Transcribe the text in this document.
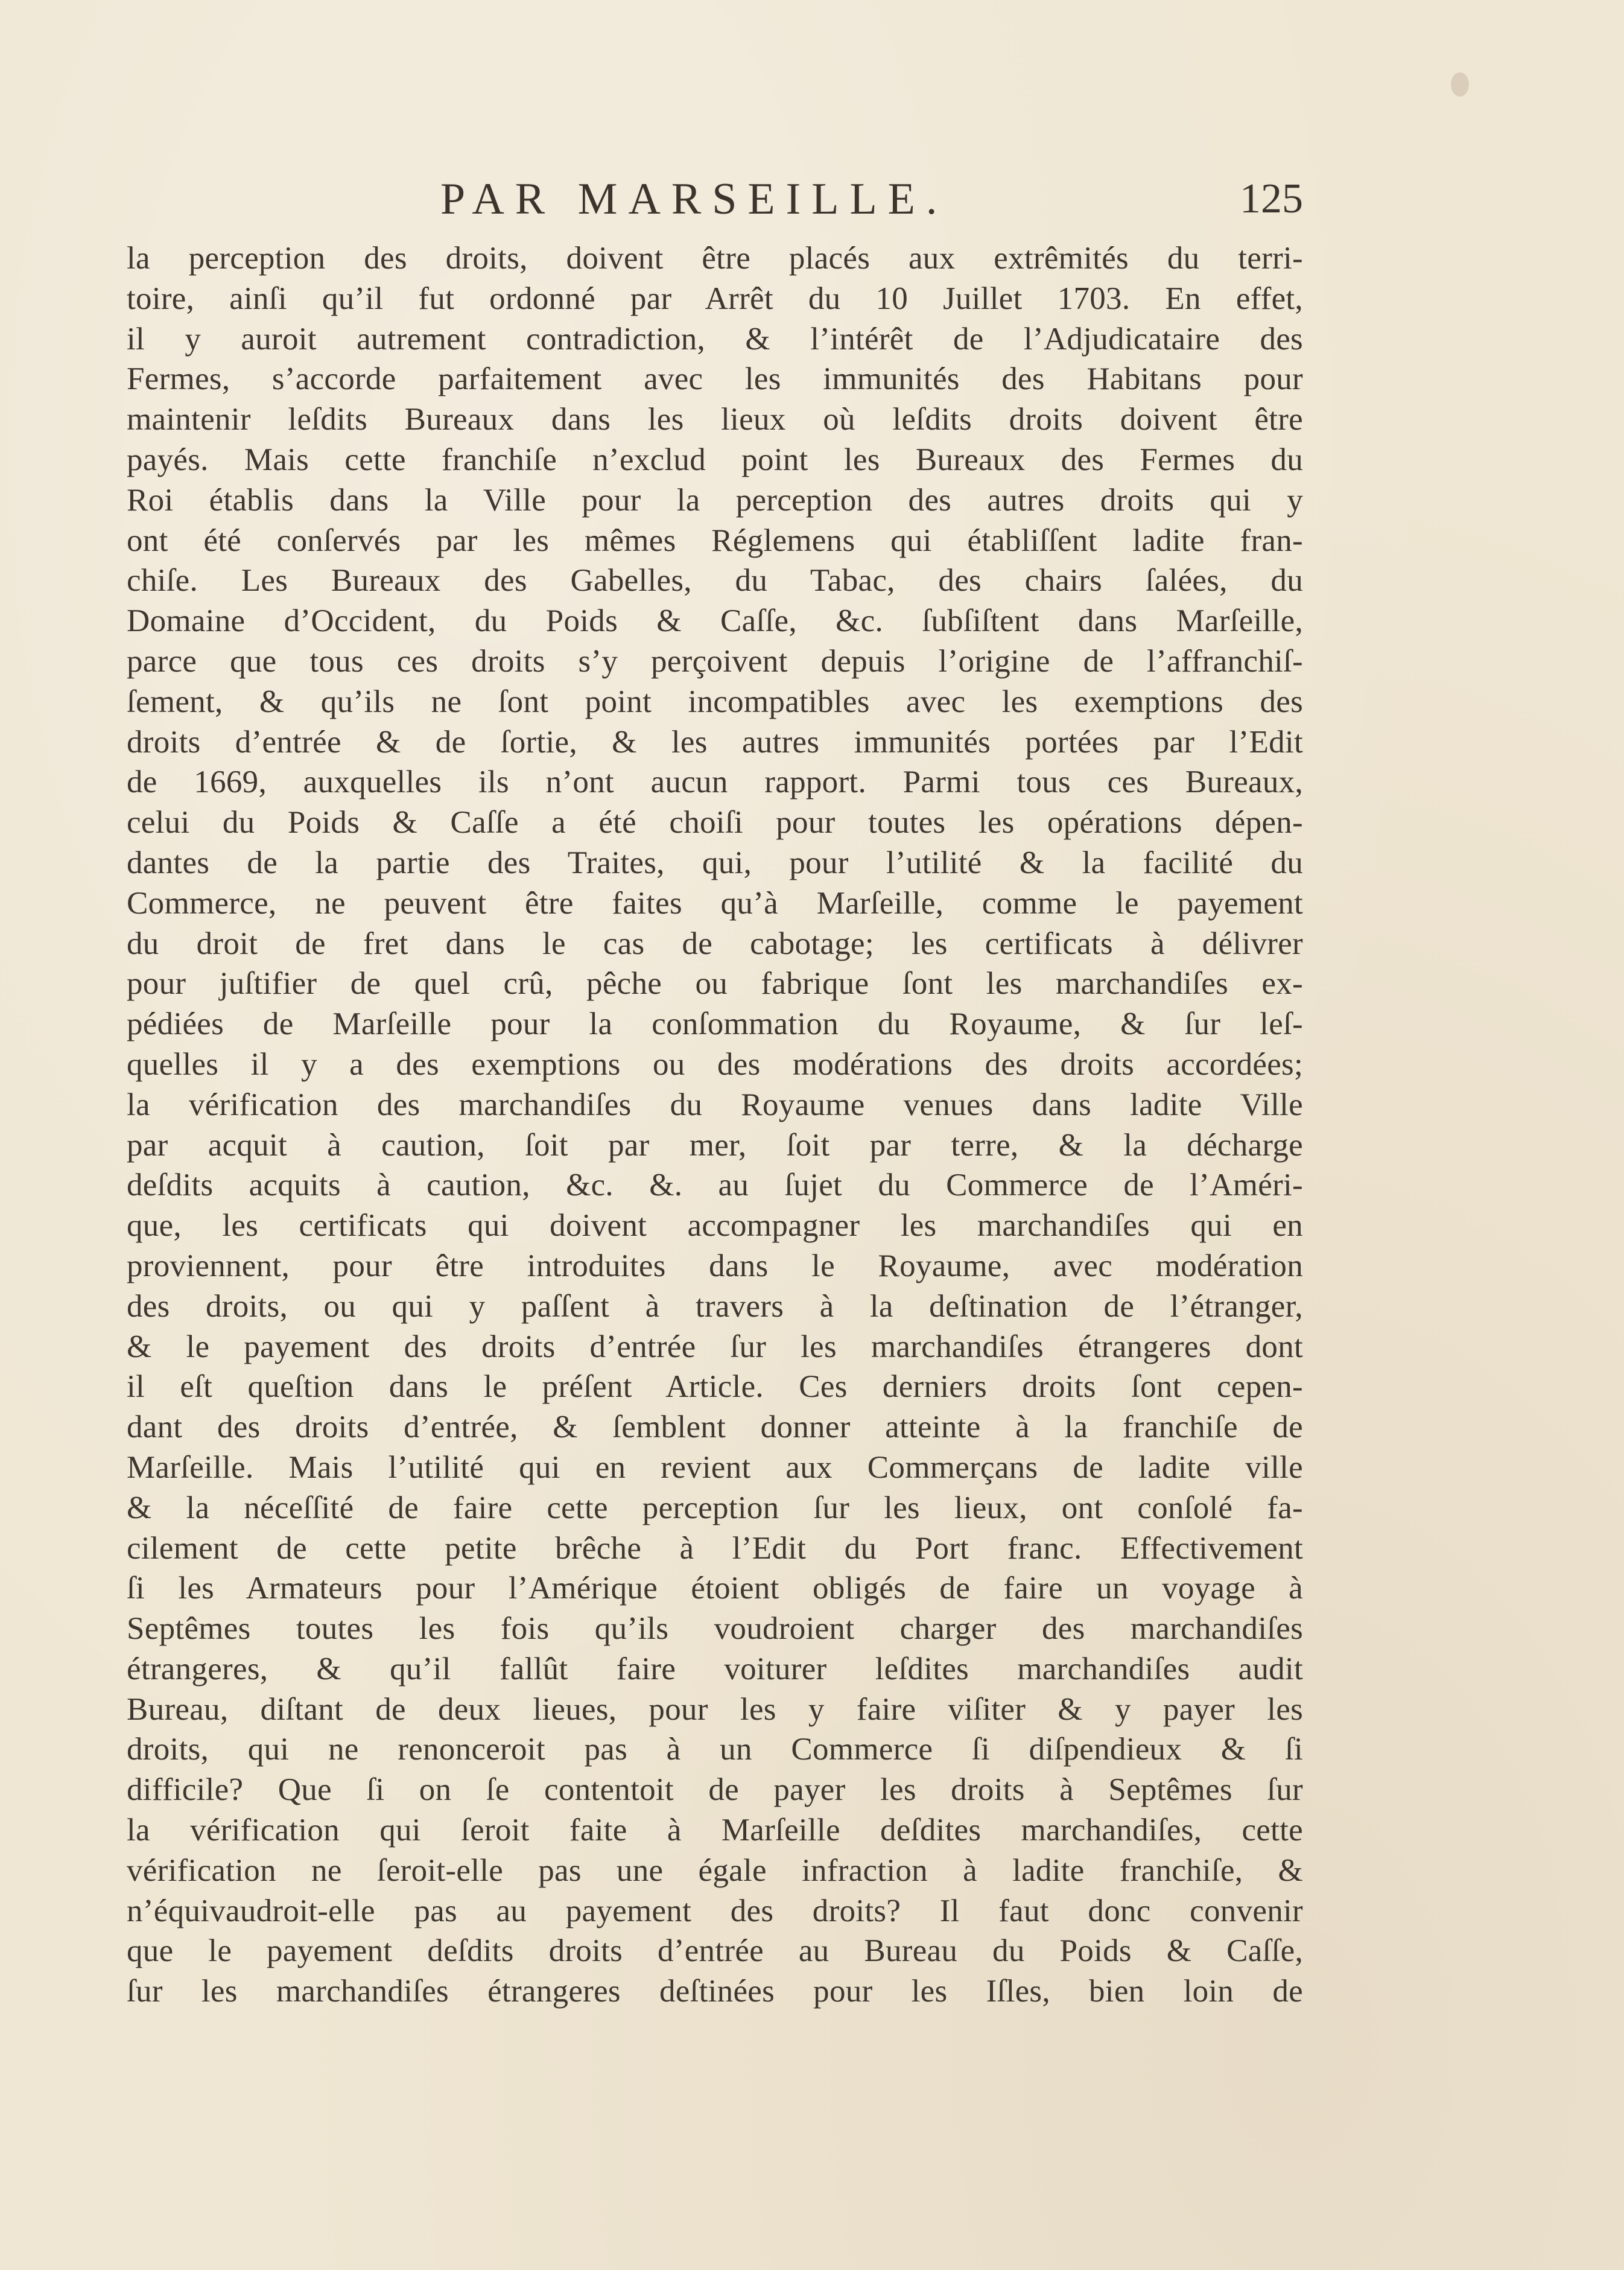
PAR MARSEILLE.	125
la perception des droits, doivent être placés aux extrêmités du terri-
toire, ainſi qu’il fut ordonné par Arrêt du 10 Juillet 1703. En effet,
il y auroit autrement contradiction, & l’intérêt de l’Adjudicataire des
Fermes, s’accorde parfaitement avec les immunités des Habitans pour
maintenir leſdits Bureaux dans les lieux où leſdits droits doivent être
payés. Mais cette franchiſe n’exclud point les Bureaux des Fermes du
Roi établis dans la Ville pour la perception des autres droits qui y
ont été conſervés par les mêmes Réglemens qui établiſſent ladite fran-
chiſe. Les Bureaux des Gabelles, du Tabac, des chairs ſalées, du
Domaine d’Occident, du Poids & Caſſe, &c. ſubſiſtent dans Marſeille,
parce que tous ces droits s’y perçoivent depuis l’origine de l’affranchiſ-
ſement, & qu’ils ne ſont point incompatibles avec les exemptions des
droits d’entrée & de ſortie, & les autres immunités portées par l’Edit
de 1669, auxquelles ils n’ont aucun rapport. Parmi tous ces Bureaux,
celui du Poids & Caſſe a été choiſi pour toutes les opérations dépen-
dantes de la partie des Traites, qui, pour l’utilité & la facilité du
Commerce, ne peuvent être faites qu’à Marſeille, comme le payement
du droit de fret dans le cas de cabotage; les certificats à délivrer
pour juſtifier de quel crû, pêche ou fabrique ſont les marchandiſes ex-
pédiées de Marſeille pour la conſommation du Royaume, & ſur leſ-
quelles il y a des exemptions ou des modérations des droits accordées;
la vérification des marchandiſes du Royaume venues dans ladite Ville
par acquit à caution, ſoit par mer, ſoit par terre, & la décharge
deſdits acquits à caution, &c. &. au ſujet du Commerce de l’Améri-
que, les certificats qui doivent accompagner les marchandiſes qui en
proviennent, pour être introduites dans le Royaume, avec modération
des droits, ou qui y paſſent à travers à la deſtination de l’étranger,
& le payement des droits d’entrée ſur les marchandiſes étrangeres dont
il eſt queſtion dans le préſent Article. Ces derniers droits ſont cepen-
dant des droits d’entrée, & ſemblent donner atteinte à la franchiſe de
Marſeille. Mais l’utilité qui en revient aux Commerçans de ladite ville
& la néceſſité de faire cette perception ſur les lieux, ont conſolé fa-
cilement de cette petite brêche à l’Edit du Port franc. Effectivement
ſi les Armateurs pour l’Amérique étoient obligés de faire un voyage à
Septêmes toutes les fois qu’ils voudroient charger des marchandiſes
étrangeres, & qu’il fallût faire voiturer leſdites marchandiſes audit
Bureau, diſtant de deux lieues, pour les y faire viſiter & y payer les
droits, qui ne renonceroit pas à un Commerce ſi diſpendieux & ſi
difficile? Que ſi on ſe contentoit de payer les droits à Septêmes ſur
la vérification qui ſeroit faite à Marſeille deſdites marchandiſes, cette
vérification ne ſeroit-elle pas une égale infraction à ladite franchiſe, &
n’équivaudroit-elle pas au payement des droits? Il faut donc convenir
que le payement deſdits droits d’entrée au Bureau du Poids & Caſſe,
ſur les marchandiſes étrangeres deſtinées pour les Iſles, bien loin de
